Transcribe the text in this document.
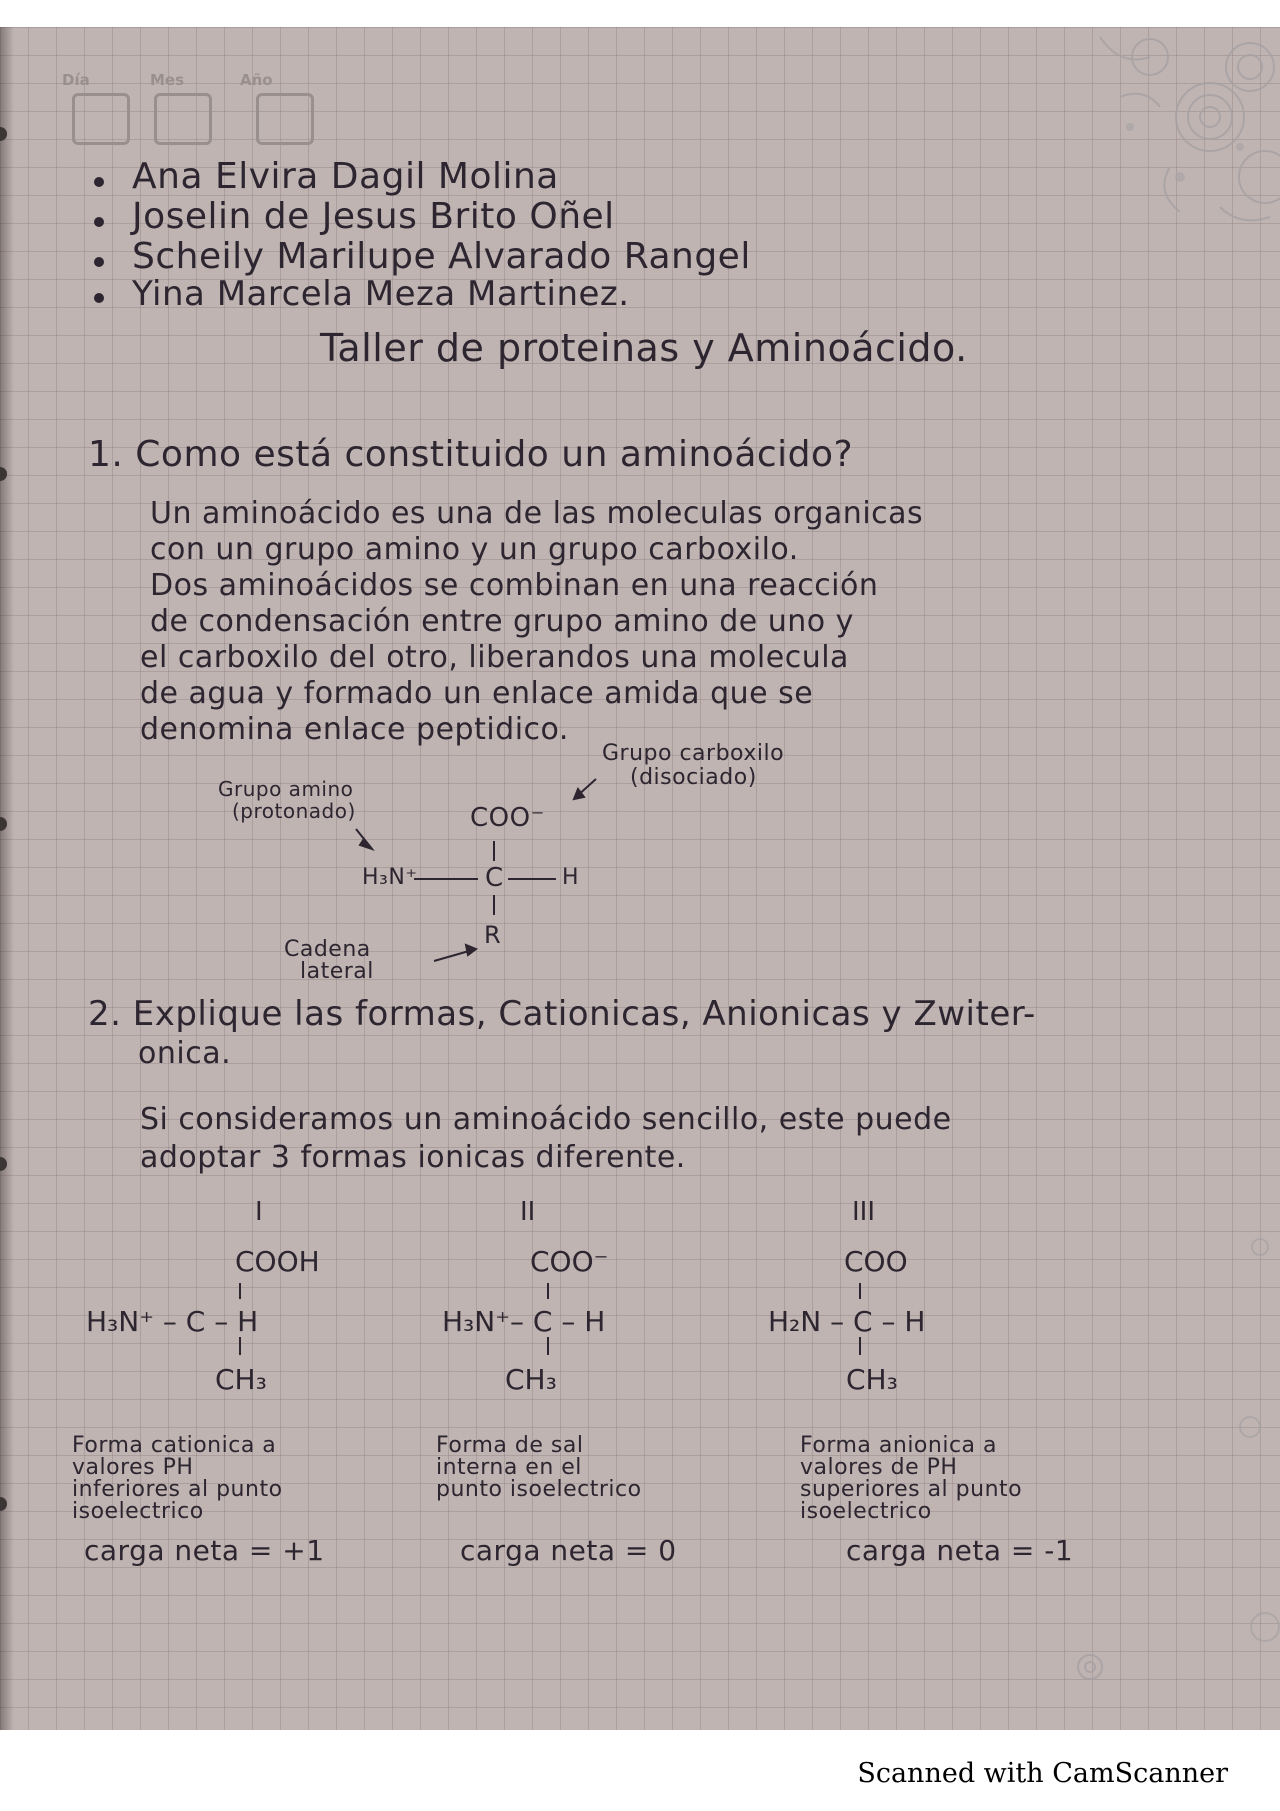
Día	Mes	Año

Ana Elvira Dagil Molina

Joselin de Jesus Brito Oñel

Scheily Marilupe Alvarado Rangel

Yina Marcela Meza Martinez.

Taller de proteinas y Aminoácido.

1. Como está constituido un aminoácido?

Un aminoácido es una de las moleculas organicas

con un grupo amino y un grupo carboxilo.

Dos aminoácidos se combinan en una reacción

de condensación entre grupo amino de uno y

el carboxilo del otro, liberandos una molecula

de agua y formado un enlace amida que se

denomina enlace peptidico.

Grupo amino

(protonado)

Grupo carboxilo

(disociado)

COO⁻

H₃N⁺	C	H

R

Cadena

lateral

2. Explique las formas, Cationicas, Anionicas y Zwiter-

onica.

Si consideramos un aminoácido sencillo, este puede

adoptar 3 formas ionicas diferente.

I
COOH
H₃N⁺ – C – H
CH₃

Forma cationica a

valores PH

inferiores al punto

isoelectrico

carga neta = +1

II
COO⁻
H₃N⁺– C – H
CH₃

Forma de sal

interna en el

punto isoelectrico

carga neta = 0

III
COO
H₂N – C – H
CH₃

Forma anionica a

valores de PH

superiores al punto

isoelectrico

carga neta = -1

Scanned with CamScanner
